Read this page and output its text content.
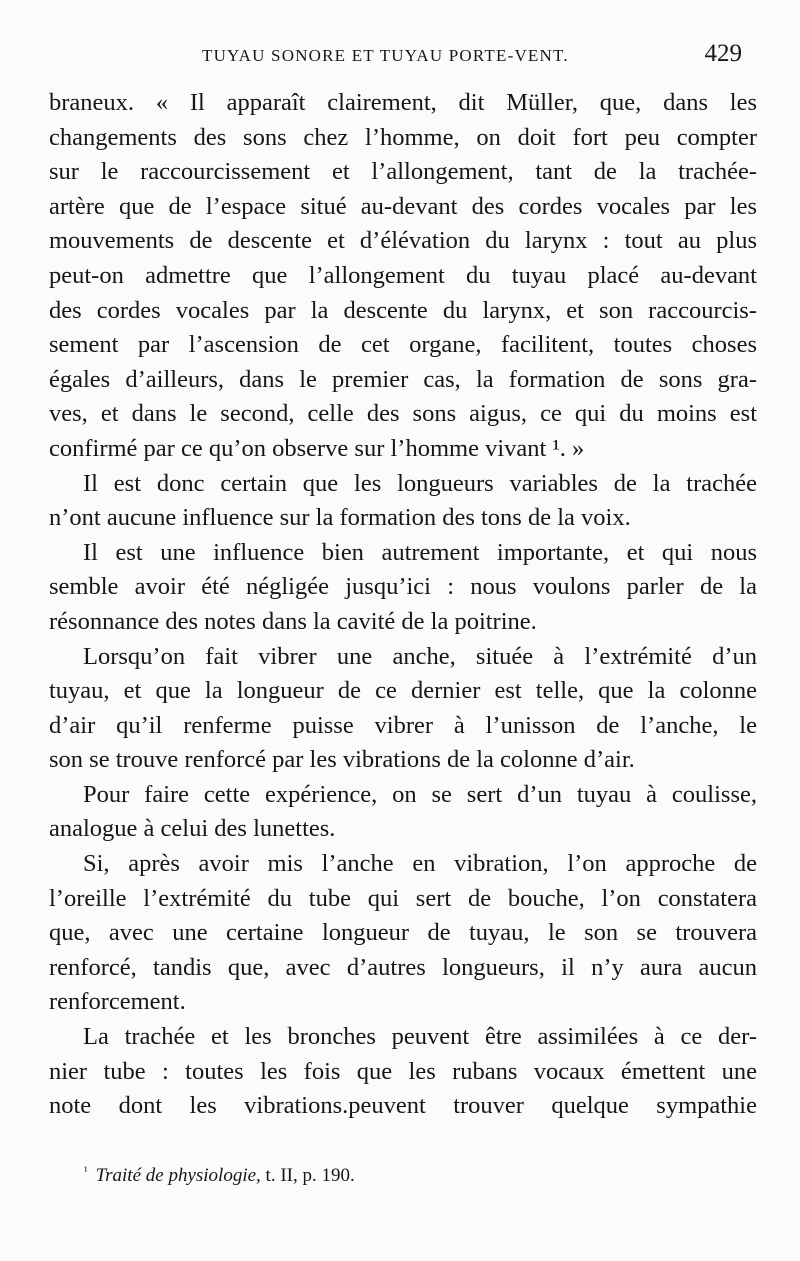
TUYAU SONORE ET TUYAU PORTE-VENT.	429
braneux. « Il apparaît clairement, dit Müller, que, dans les
changements des sons chez l’homme, on doit fort peu compter
sur le raccourcissement et l’allongement, tant de la trachée-
artère que de l’espace situé au-devant des cordes vocales par les
mouvements de descente et d’élévation du larynx : tout au plus
peut-on admettre que l’allongement du tuyau placé au-devant
des cordes vocales par la descente du larynx, et son raccourcis-
sement par l’ascension de cet organe, facilitent, toutes choses
égales d’ailleurs, dans le premier cas, la formation de sons gra-
ves, et dans le second, celle des sons aigus, ce qui du moins est
confirmé par ce qu’on observe sur l’homme vivant ¹. »
Il est donc certain que les longueurs variables de la trachée
n’ont aucune influence sur la formation des tons de la voix.
Il est une influence bien autrement importante, et qui nous
semble avoir été négligée jusqu’ici : nous voulons parler de la
résonnance des notes dans la cavité de la poitrine.
Lorsqu’on fait vibrer une anche, située à l’extrémité d’un
tuyau, et que la longueur de ce dernier est telle, que la colonne
d’air qu’il renferme puisse vibrer à l’unisson de l’anche, le
son se trouve renforcé par les vibrations de la colonne d’air.
Pour faire cette expérience, on se sert d’un tuyau à coulisse,
analogue à celui des lunettes.
Si, après avoir mis l’anche en vibration, l’on approche de
l’oreille l’extrémité du tube qui sert de bouche, l’on constatera
que, avec une certaine longueur de tuyau, le son se trouvera
renforcé, tandis que, avec d’autres longueurs, il n’y aura aucun
renforcement.
La trachée et les bronches peuvent être assimilées à ce der-
nier tube : toutes les fois que les rubans vocaux émettent une
note dont les vibrations.peuvent trouver quelque sympathie
$^{^1}$ Traité de physiologie, t. II, p. 190.
